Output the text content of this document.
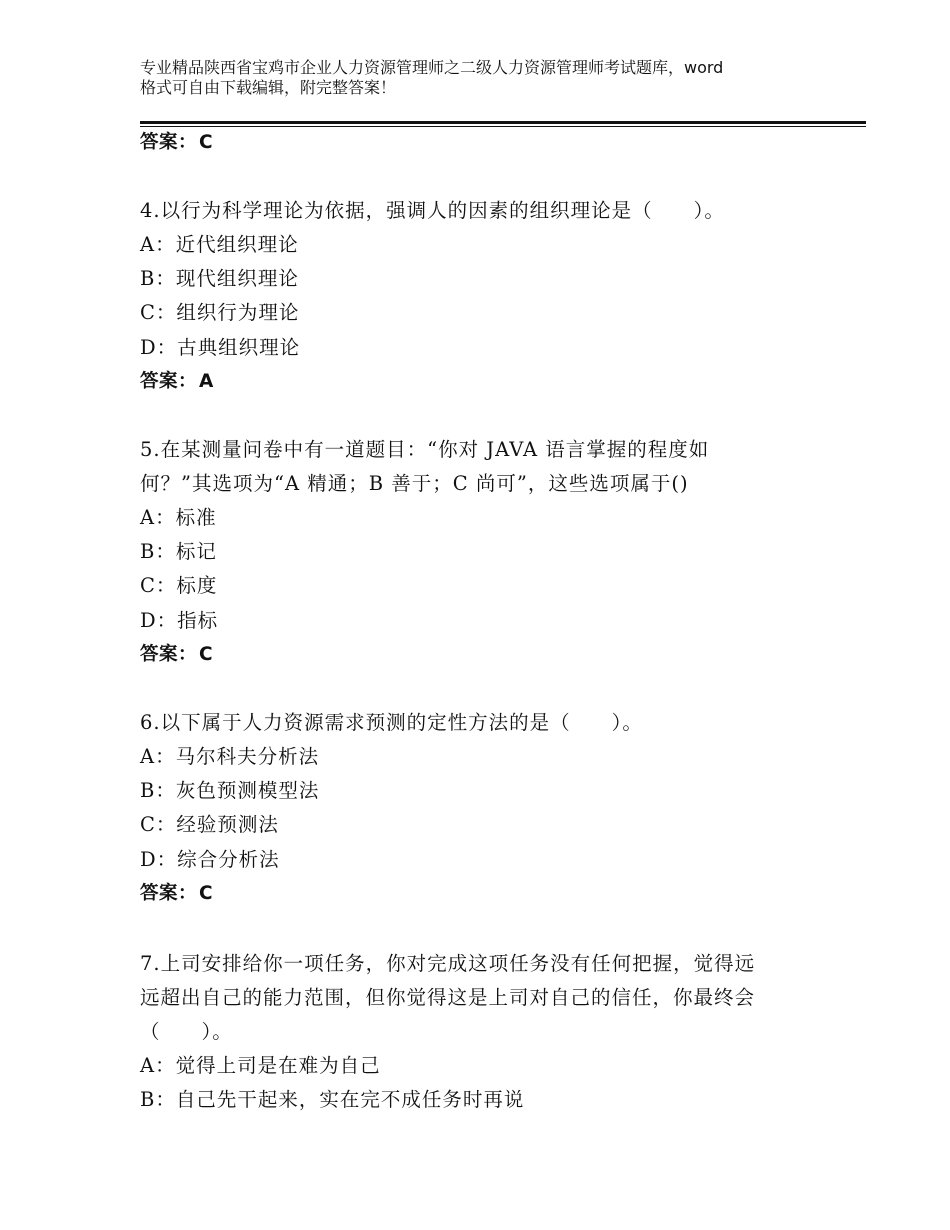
专业精品陕西省宝鸡市企业人力资源管理师之二级人力资源管理师考试题库，word
格式可自由下载编辑，附完整答案！
答案： C
4.以行为科学理论为依据，强调人的因素的组织理论是（　　）。
A：近代组织理论
B：现代组织理论
C：组织行为理论
D：古典组织理论
答案： A
5.在某测量问卷中有一道题目：“你对 JAVA 语言掌握的程度如
何？”其选项为“A 精通；B 善于；C 尚可”，这些选项属于()
A：标准
B：标记
C：标度
D：指标
答案： C
6.以下属于人力资源需求预测的定性方法的是（　　）。
A：马尔科夫分析法
B：灰色预测模型法
C：经验预测法
D：综合分析法
答案： C
7.上司安排给你一项任务，你对完成这项任务没有任何把握，觉得远
远超出自己的能力范围，但你觉得这是上司对自己的信任，你最终会
（　　）。
A：觉得上司是在难为自己
B：自己先干起来，实在完不成任务时再说
